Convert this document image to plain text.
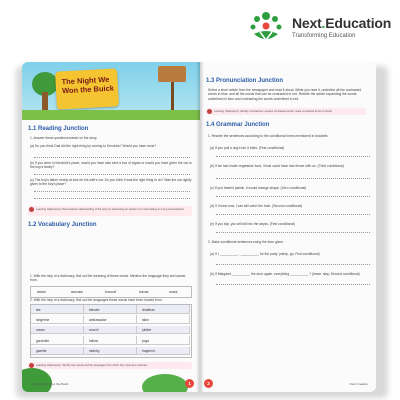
Next.Education
Transforming Education
The Night We Won the Buick
1.1 Reading Junction
1. Answer these questions based on the story.
(a) Do you think Dad did the right thing by coming to Kendrick? Would you have done?
(b) If you were in Kendrick's place, would you have also sent a box of cigars or would you have given the car to the boy's family?
(c) The boy's father nearly at loss for his wife's car. Do you think it was the right thing to do? Was the car rightly given to the boy's place?
Learning Objective(s): Demonstrate understanding of the story by expressing an opinion on it and relating to it at a personal level
1.2 Vocabulary Junction
1. With the help of a dictionary, find out the meaning of these words. Mention the language they are loaned from.
wicker	avocado	broccoli	bonsai	cruise
2. With the help of a dictionary, find out the languages these words have been loaned from.
tea	blender	leviathan
tangerine	ambassador	tailor
cream	crunch	jubilee
gondolier	hallow	yoga
gazette	infantry	fragment
Learning Objective(s): Identify loan words and the languages from which they have been derived
The Night We Won the Buick	1
1.3 Pronunciation Junction
Select a short article from the newspaper and read it aloud. While you read it, underline all the contracted words in blue, and all the words that can be contracted in red. Rewrite the article expanding the words underlined in blue and contracting the words underlined in red.
Learning Objective(s): Identify contractions; expand contracted words; make contracted forms of words
1.4 Grammar Junction
1. Rewrite the sentences according to the conditional forms mentioned in brackets.
(a) If you pull a dog's tail, it bites. (First conditional)
(b) If we had made vegetarian food, Vimal could have had dinner with us. (Third conditional)
(c) If you heated plastic, it would change shape. (Zero conditional)
(d) If I knew now, I can still catch the train. (Second conditional)
(e) If you slip, you will fall into the abyss. (First conditional)
2. Make conditional sentences using the form given.
(a) If I __________ , __________ for the party. (sleep, go; First conditional)
(b) If Margaret __________ the door again, everything __________ ? (leave, stay; Second conditional)
2	Next Creation
